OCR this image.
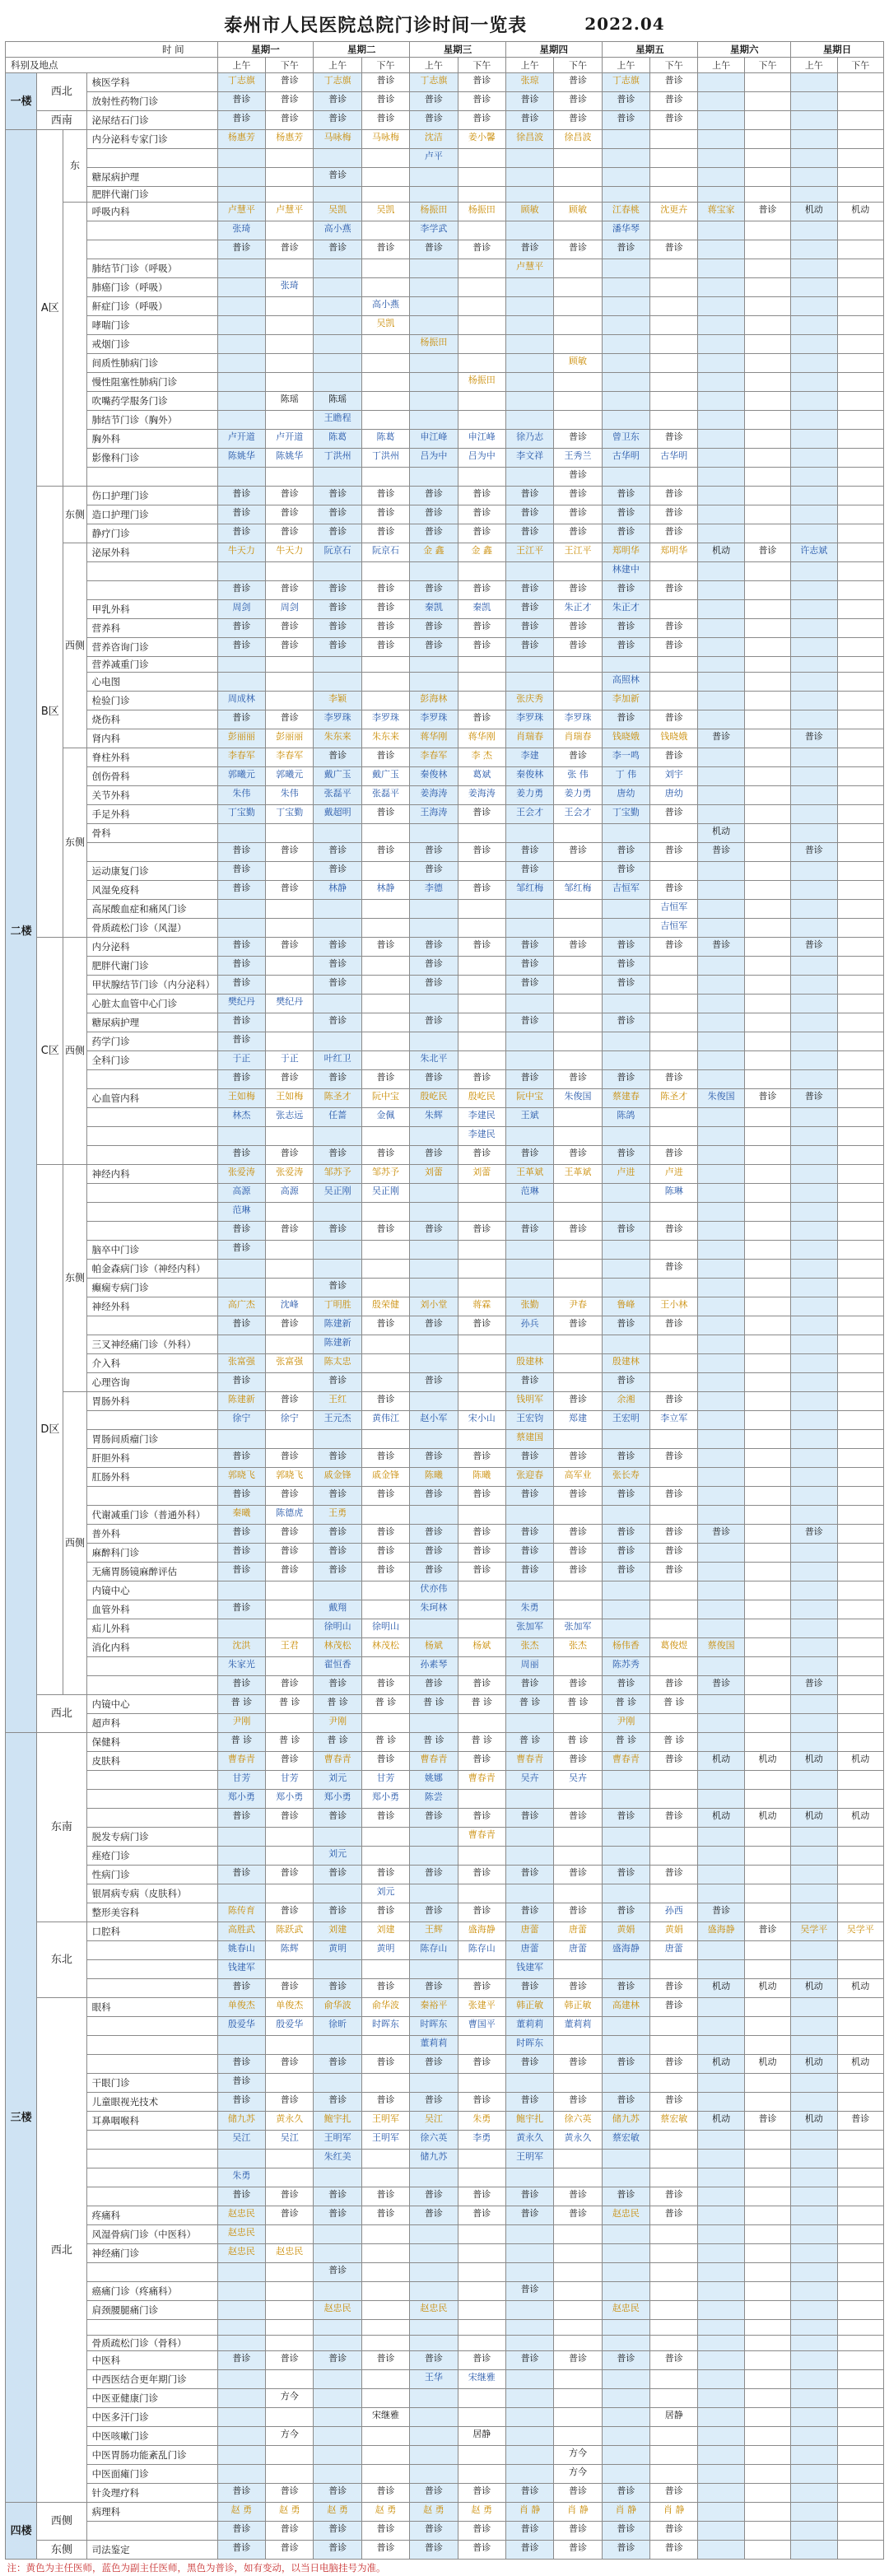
泰州市人民医院总院门诊时间一览表	2022.04
时 间				星期一		星期二		星期三		星期四		星期五		星期六		星期日	
科别及地点				上午	下午	上午	下午	上午	下午	上午	下午	上午	下午	上午	下午	上午	下午
一楼	西北		核医学科	丁志旗	普诊	丁志旗	普诊	丁志旗	普诊	张琼	普诊	丁志旗	普诊				
			放射性药物门诊	普诊	普诊	普诊	普诊	普诊	普诊	普诊	普诊	普诊	普诊				
	西南		泌尿结石门诊	普诊	普诊	普诊	普诊	普诊	普诊	普诊	普诊	普诊	普诊				
二楼	A区	东	内分泌科专家门诊	杨惠芳	杨惠芳	马咏梅	马咏梅	沈洁	姜小馨	徐昌波	徐昌波						
								卢平									
			糖尿病护理			普诊											
			肥胖代谢门诊														
			呼吸内科	卢慧平	卢慧平	吴凯	吴凯	杨振田	杨振田	顾敏	顾敏	江春桃	沈更卉	蒋宝家	普诊	机动	机动
				张琦		高小燕		李学武				潘华琴					
				普诊	普诊	普诊	普诊	普诊	普诊	普诊	普诊	普诊	普诊				
			肺结节门诊（呼吸）							卢慧平							
			肺癌门诊（呼吸）		张琦												
			鼾症门诊（呼吸）				高小燕										
			哮喘门诊				吴凯										
			戒烟门诊					杨振田									
			间质性肺病门诊								顾敏						
			慢性阻塞性肺病门诊						杨振田								
			吹嘴药学服务门诊		陈瑶	陈瑶											
			肺结节门诊（胸外）			王瞻程											
			胸外科	卢开道	卢开道	陈葛	陈葛	申江峰	申江峰	徐乃志	普诊	曾卫东	普诊				
			影像科门诊	陈姚华	陈姚华	丁洪州	丁洪州	吕为中	吕为中	李文祥	王秀兰	古华明	古华明				
											普诊						
	B区	东侧	伤口护理门诊	普诊	普诊	普诊	普诊	普诊	普诊	普诊	普诊	普诊	普诊				
			造口护理门诊	普诊	普诊	普诊	普诊	普诊	普诊	普诊	普诊	普诊	普诊				
			静疗门诊	普诊	普诊	普诊	普诊	普诊	普诊	普诊	普诊	普诊	普诊				
		西侧	泌尿外科	牛天力	牛天力	阮京石	阮京石	金 鑫	金 鑫	王江平	王江平	郑明华	郑明华	机动	普诊	许志斌	
												林建中					
				普诊	普诊	普诊	普诊	普诊	普诊	普诊	普诊	普诊	普诊				
			甲乳外科	周剑	周剑	普诊	普诊	秦凯	秦凯	普诊	朱正才	朱正才					
			营养科	普诊	普诊	普诊	普诊	普诊	普诊	普诊	普诊	普诊	普诊				
			营养咨询门诊	普诊	普诊	普诊	普诊	普诊	普诊	普诊	普诊	普诊	普诊				
			营养减重门诊														
			心电图									高照林					
			检验门诊	周成林		李颖		彭海林		张庆秀		李加新					
			烧伤科	普诊	普诊	李罗珠	李罗珠	李罗珠	普诊	李罗珠	李罗珠	普诊	普诊				
			肾内科	彭丽丽	彭丽丽	朱东来	朱东来	蒋华刚	蒋华刚	肖瑞春	肖瑞春	钱晓娥	钱晓娥	普诊		普诊	
		东侧	脊柱外科	李春军	李春军	普诊	普诊	李春军	李 杰	李建	普诊	李一鸣	普诊				
			创伤骨科	郭曦元	郭曦元	戴广玉	戴广玉	秦俊林	葛斌	秦俊林	张 伟	丁 伟	刘宇				
			关节外科	朱伟	朱伟	张磊平	张磊平	姜海涛	姜海涛	姜力勇	姜力勇	唐幼	唐幼				
			手足外科	丁宝勤	丁宝勤	戴超明	普诊	王海涛	普诊	王会才	王会才	丁宝勤	普诊				
			骨科											机动			
				普诊	普诊	普诊	普诊	普诊	普诊	普诊	普诊	普诊	普诊	普诊		普诊	
			运动康复门诊	普诊		普诊		普诊		普诊		普诊					
			风湿免疫科	普诊	普诊	林静	林静	李德	普诊	邹红梅	邹红梅	吉恒军	普诊				
			高尿酸血症和痛风门诊										吉恒军				
			骨质疏松门诊（风湿）										吉恒军				
	C区	西侧	内分泌科	普诊	普诊	普诊	普诊	普诊	普诊	普诊	普诊	普诊	普诊	普诊		普诊	
			肥胖代谢门诊	普诊		普诊		普诊		普诊		普诊					
			甲状腺结节门诊（内分泌科）	普诊		普诊		普诊		普诊		普诊					
			心脏太血管中心门诊	樊纪丹	樊纪丹												
			糖尿病护理	普诊		普诊		普诊		普诊		普诊					
			药学门诊	普诊													
			全科门诊	于正	于正	叶红卫		朱北平									
				普诊	普诊	普诊	普诊	普诊	普诊	普诊	普诊	普诊	普诊				
			心血管内科	王如梅	王如梅	陈圣才	阮中宝	殷屹民	殷屹民	阮中宝	朱俊国	蔡建春	陈圣才	朱俊国	普诊	普诊	
				林杰	张志远	任蔷	金佩	朱辉	李建民	王斌		陈鸽					
									李建民								
				普诊	普诊	普诊	普诊	普诊	普诊	普诊	普诊	普诊	普诊				
	D区	东侧	神经内科	张爱涛	张爱涛	邹苏予	邹苏予	刘蕾	刘蕾	王革斌	王革斌	卢进	卢进				
				高源	高源	吴正刚	吴正刚			范琳			陈琳				
				范琳													
				普诊	普诊	普诊	普诊	普诊	普诊	普诊	普诊	普诊	普诊				
			脑卒中门诊	普诊													
			帕金森病门诊（神经内科）										普诊				
			癫痫专病门诊			普诊											
			神经外科	高广杰	沈峰	丁明胜	殷荣健	刘小堂	蒋霖	张勤	尹春	鲁峰	王小林				
				普诊	普诊	陈建新	普诊	普诊	普诊	孙兵	普诊	普诊	普诊				
			三叉神经痛门诊（外科）			陈建新											
			介入科	张富强	张富强	陈太忠				殷建林		殷建林					
			心理咨询	普诊		普诊		普诊		普诊		普诊					
		西侧	胃肠外科	陈建新	普诊	王红	普诊			钱明军	普诊	余湘	普诊				
				徐宁	徐宁	王元杰	黄伟江	赵小军	宋小山	王宏钧	郑建	王宏明	李立军				
			胃肠间质瘤门诊							蔡建国							
			肝胆外科	普诊	普诊	普诊	普诊	普诊	普诊	普诊	普诊	普诊	普诊				
			肛肠外科	郭晓飞	郭晓飞	戚金锋	戚金锋	陈曦	陈曦	张迎春	高军业	张长寿					
				普诊	普诊	普诊	普诊	普诊	普诊	普诊	普诊	普诊	普诊				
			代谢减重门诊（普通外科）	秦曦	陈德虎	王勇											
			普外科	普诊	普诊	普诊	普诊	普诊	普诊	普诊	普诊	普诊	普诊	普诊		普诊	
			麻醉科门诊	普诊	普诊	普诊	普诊	普诊	普诊	普诊	普诊	普诊	普诊				
			无痛胃肠镜麻醉评估	普诊	普诊	普诊	普诊	普诊	普诊	普诊	普诊	普诊	普诊				
			内镜中心					伏亦伟									
			血管外科	普诊		戴翔		朱珂林		朱勇							
			疝儿外科			徐明山	徐明山			张加军	张加军						
			消化内科	沈洪	王君	林茂松	林茂松	杨斌	杨斌	张杰	张杰	杨伟香	葛俊煜	蔡俊国			
				朱家光		翟恒香		孙素琴		周丽		陈苏秀					
				普诊	普诊	普诊	普诊	普诊	普诊	普诊	普诊	普诊	普诊	普诊		普诊	
	西北		内镜中心	普 诊	普 诊	普 诊	普 诊	普 诊	普 诊	普 诊	普 诊	普 诊	普 诊				
			超声科	尹刚		尹刚						尹刚					
三楼	东南		保健科	普 诊	普 诊	普 诊	普 诊	普 诊	普 诊	普 诊	普 诊	普 诊	普 诊				
			皮肤科	曹春青	普诊	曹春青	普诊	曹春青	普诊	曹春青	普诊	曹春青	普诊	机动	机动	机动	机动
				甘芳	甘芳	刘元	甘芳	姚娜	曹春青	吴卉	吴卉						
				郑小勇	郑小勇	郑小勇	郑小勇	陈尝									
				普诊	普诊	普诊	普诊	普诊	普诊	普诊	普诊	普诊	普诊	机动	机动	机动	机动
			脱发专病门诊						曹春青								
			痤疮门诊			刘元											
			性病门诊	普诊	普诊	普诊	普诊	普诊	普诊	普诊	普诊	普诊	普诊				
			银屑病专病（皮肤科）				刘元										
			整形美容科	陈传育	普诊	普诊	普诊	普诊	普诊	普诊	普诊	普诊	孙西	普诊			
	东北		口腔科	高胜武	陈跃武	刘建	刘建	王辉	盛海静	唐蕾	唐蕾	黄娟	黄娟	盛海静	普诊	吴学平	吴学平
				姚春山	陈辉	黄明	黄明	陈存山	陈存山	唐蕾	唐蕾	盛海静	唐蕾				
				钱建军						钱建军							
				普诊	普诊	普诊	普诊	普诊	普诊	普诊	普诊	普诊	普诊	机动	机动	机动	机动
	西北		眼科	单俊杰	单俊杰	俞华波	俞华波	秦裕平	张建平	韩正敏	韩正敏	高建林	普诊				
				殷爱华	殷爱华	徐昕	时晖东	时晖东	曹国平	董莉莉	董莉莉						
								董莉莉		时晖东							
				普诊	普诊	普诊	普诊	普诊	普诊	普诊	普诊	普诊	普诊	机动	机动	机动	机动
			干眼门诊	普诊													
			儿童眼视光技术	普诊	普诊	普诊	普诊	普诊	普诊	普诊	普诊	普诊	普诊				
			耳鼻咽喉科	储九苏	黄永久	鲍宇扎	王明军	吴江	朱勇	鲍宇扎	徐六英	储九苏	蔡宏敏	机动	普诊	机动	普诊
				吴江	吴江	王明军	王明军	徐六英	李勇	黄永久	黄永久	蔡宏敏					
						朱红美		储九苏		王明军							
				朱勇													
				普诊	普诊	普诊	普诊	普诊	普诊	普诊	普诊	普诊	普诊				
			疼痛科	赵忠民	普诊	普诊	普诊	普诊	普诊	普诊	普诊	赵忠民	普诊				
			风湿骨病门诊（中医科）	赵忠民													
			神经痛门诊	赵忠民	赵忠民												
						普诊											
			癌痛门诊（疼痛科）							普诊							
			肩颈腰腿痛门诊			赵忠民		赵忠民				赵忠民					

			骨质疏松门诊（骨科）														
			中医科	普诊	普诊	普诊	普诊	普诊	普诊	普诊	普诊	普诊	普诊				
			中西医结合更年期门诊					王华	宋继雅								
			中医亚健康门诊		方今												
			中医多汗门诊				宋继雅						居静				
			中医咳嗽门诊		方今				居静								
			中医胃肠功能紊乱门诊								方今						
			中医面瘫门诊								方今						
			针灸理疗科	普诊	普诊	普诊	普诊	普诊	普诊	普诊	普诊	普诊	普诊				
四楼	西侧		病理科	赵 勇	赵 勇	赵 勇	赵 勇	赵 勇	赵 勇	肖 静	肖 静	肖 静	肖 静				
				普诊	普诊	普诊	普诊	普诊	普诊	普诊	普诊	普诊	普诊				
	东侧		司法鉴定	普诊	普诊	普诊	普诊	普诊	普诊	普诊	普诊	普诊	普诊				
注：黄色为主任医师，蓝色为副主任医师，黑色为普诊，如有变动，以当日电脑挂号为准。																	
